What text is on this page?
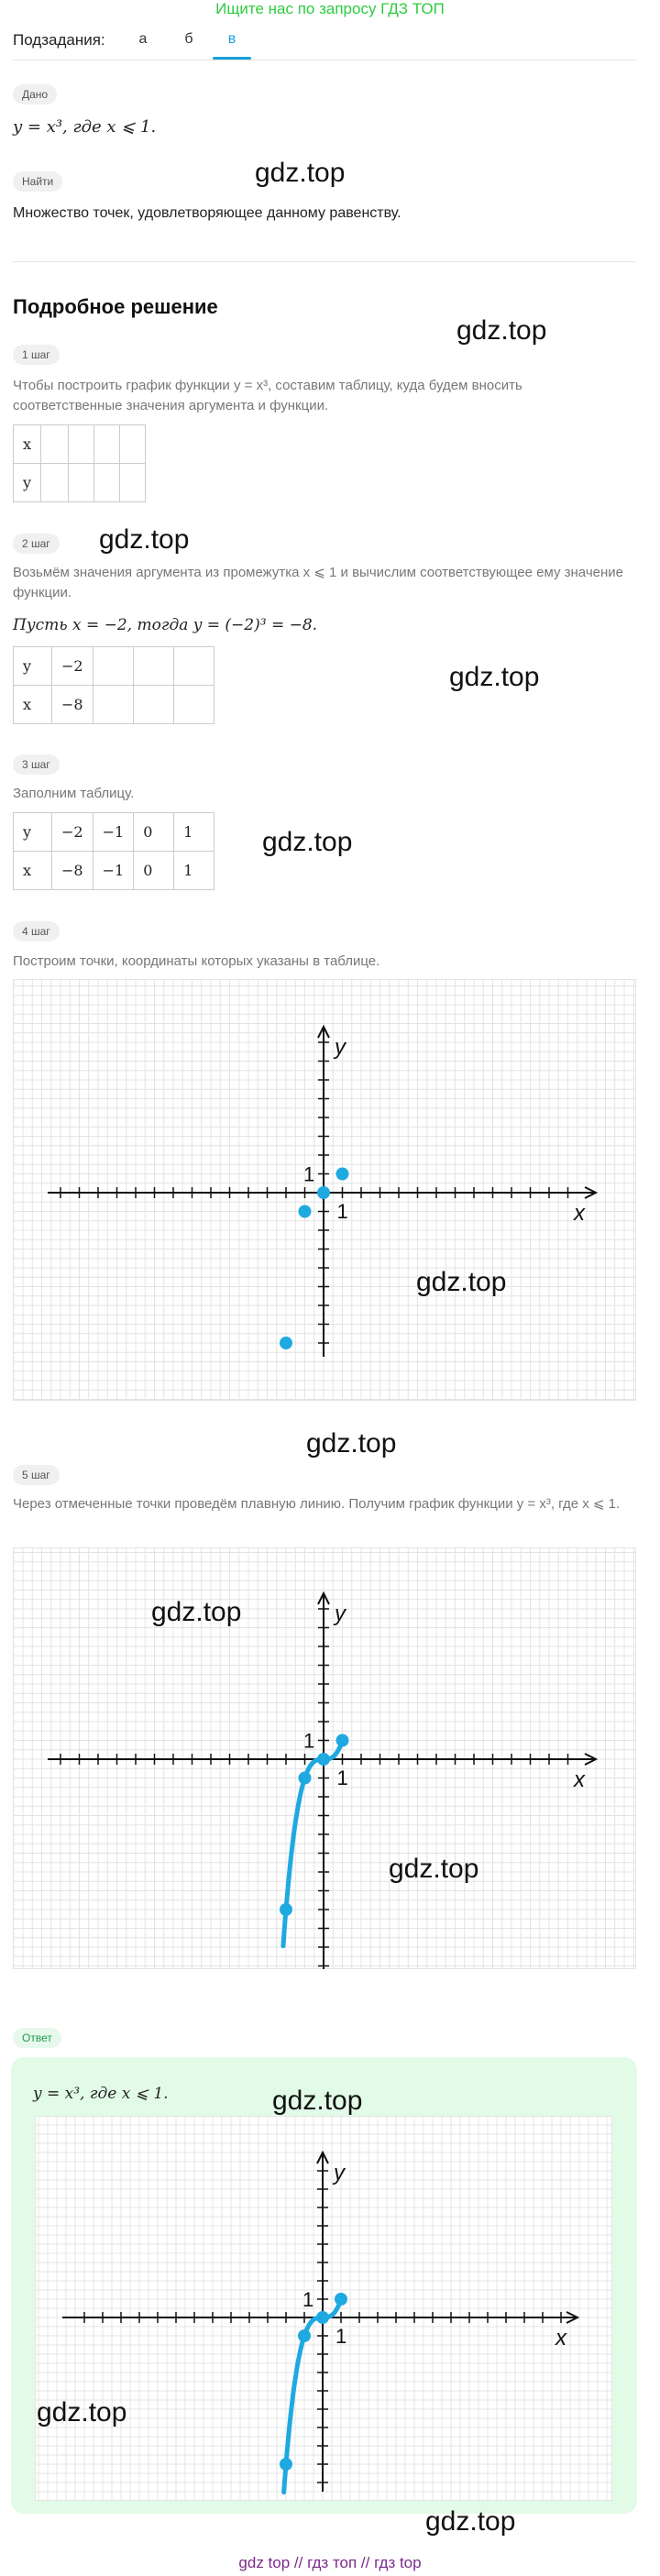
Ищите нас по запросу ГДЗ ТОП
Подзадания:	а	б	в
Дано
y = x³, где x ⩽ 1.
Найти
Множество точек, удовлетворяющее данному равенству.
Подробное решение
1 шаг
Чтобы построить график функции y = x³, составим таблицу, куда будем вносить соответственные значения аргумента и функции.
x				
y				
2 шаг
Возьмём значения аргумента из промежутка x ⩽ 1 и вычислим соответствующее ему значение функции.
Пусть x = −2, тогда y = (−2)³ = −8.
y	−2			
x	−8			
3 шаг
Заполним таблицу.
y	−2	−1	0	1
x	−8	−1	0	1
4 шаг
Построим точки, координаты которых указаны в таблице.
x
y
1
1
5 шаг
Через отмеченные точки проведём плавную линию. Получим график функции y = x³, где x ⩽ 1.
x
y
1
1
Ответ
y = x³, где x ⩽ 1.
x
y
1
1
gdz.top
gdz.top
gdz.top
gdz.top
gdz.top
gdz.top
gdz.top
gdz.top
gdz.top
gdz.top
gdz.top
gdz.top
gdz top // гдз топ // гдз top
